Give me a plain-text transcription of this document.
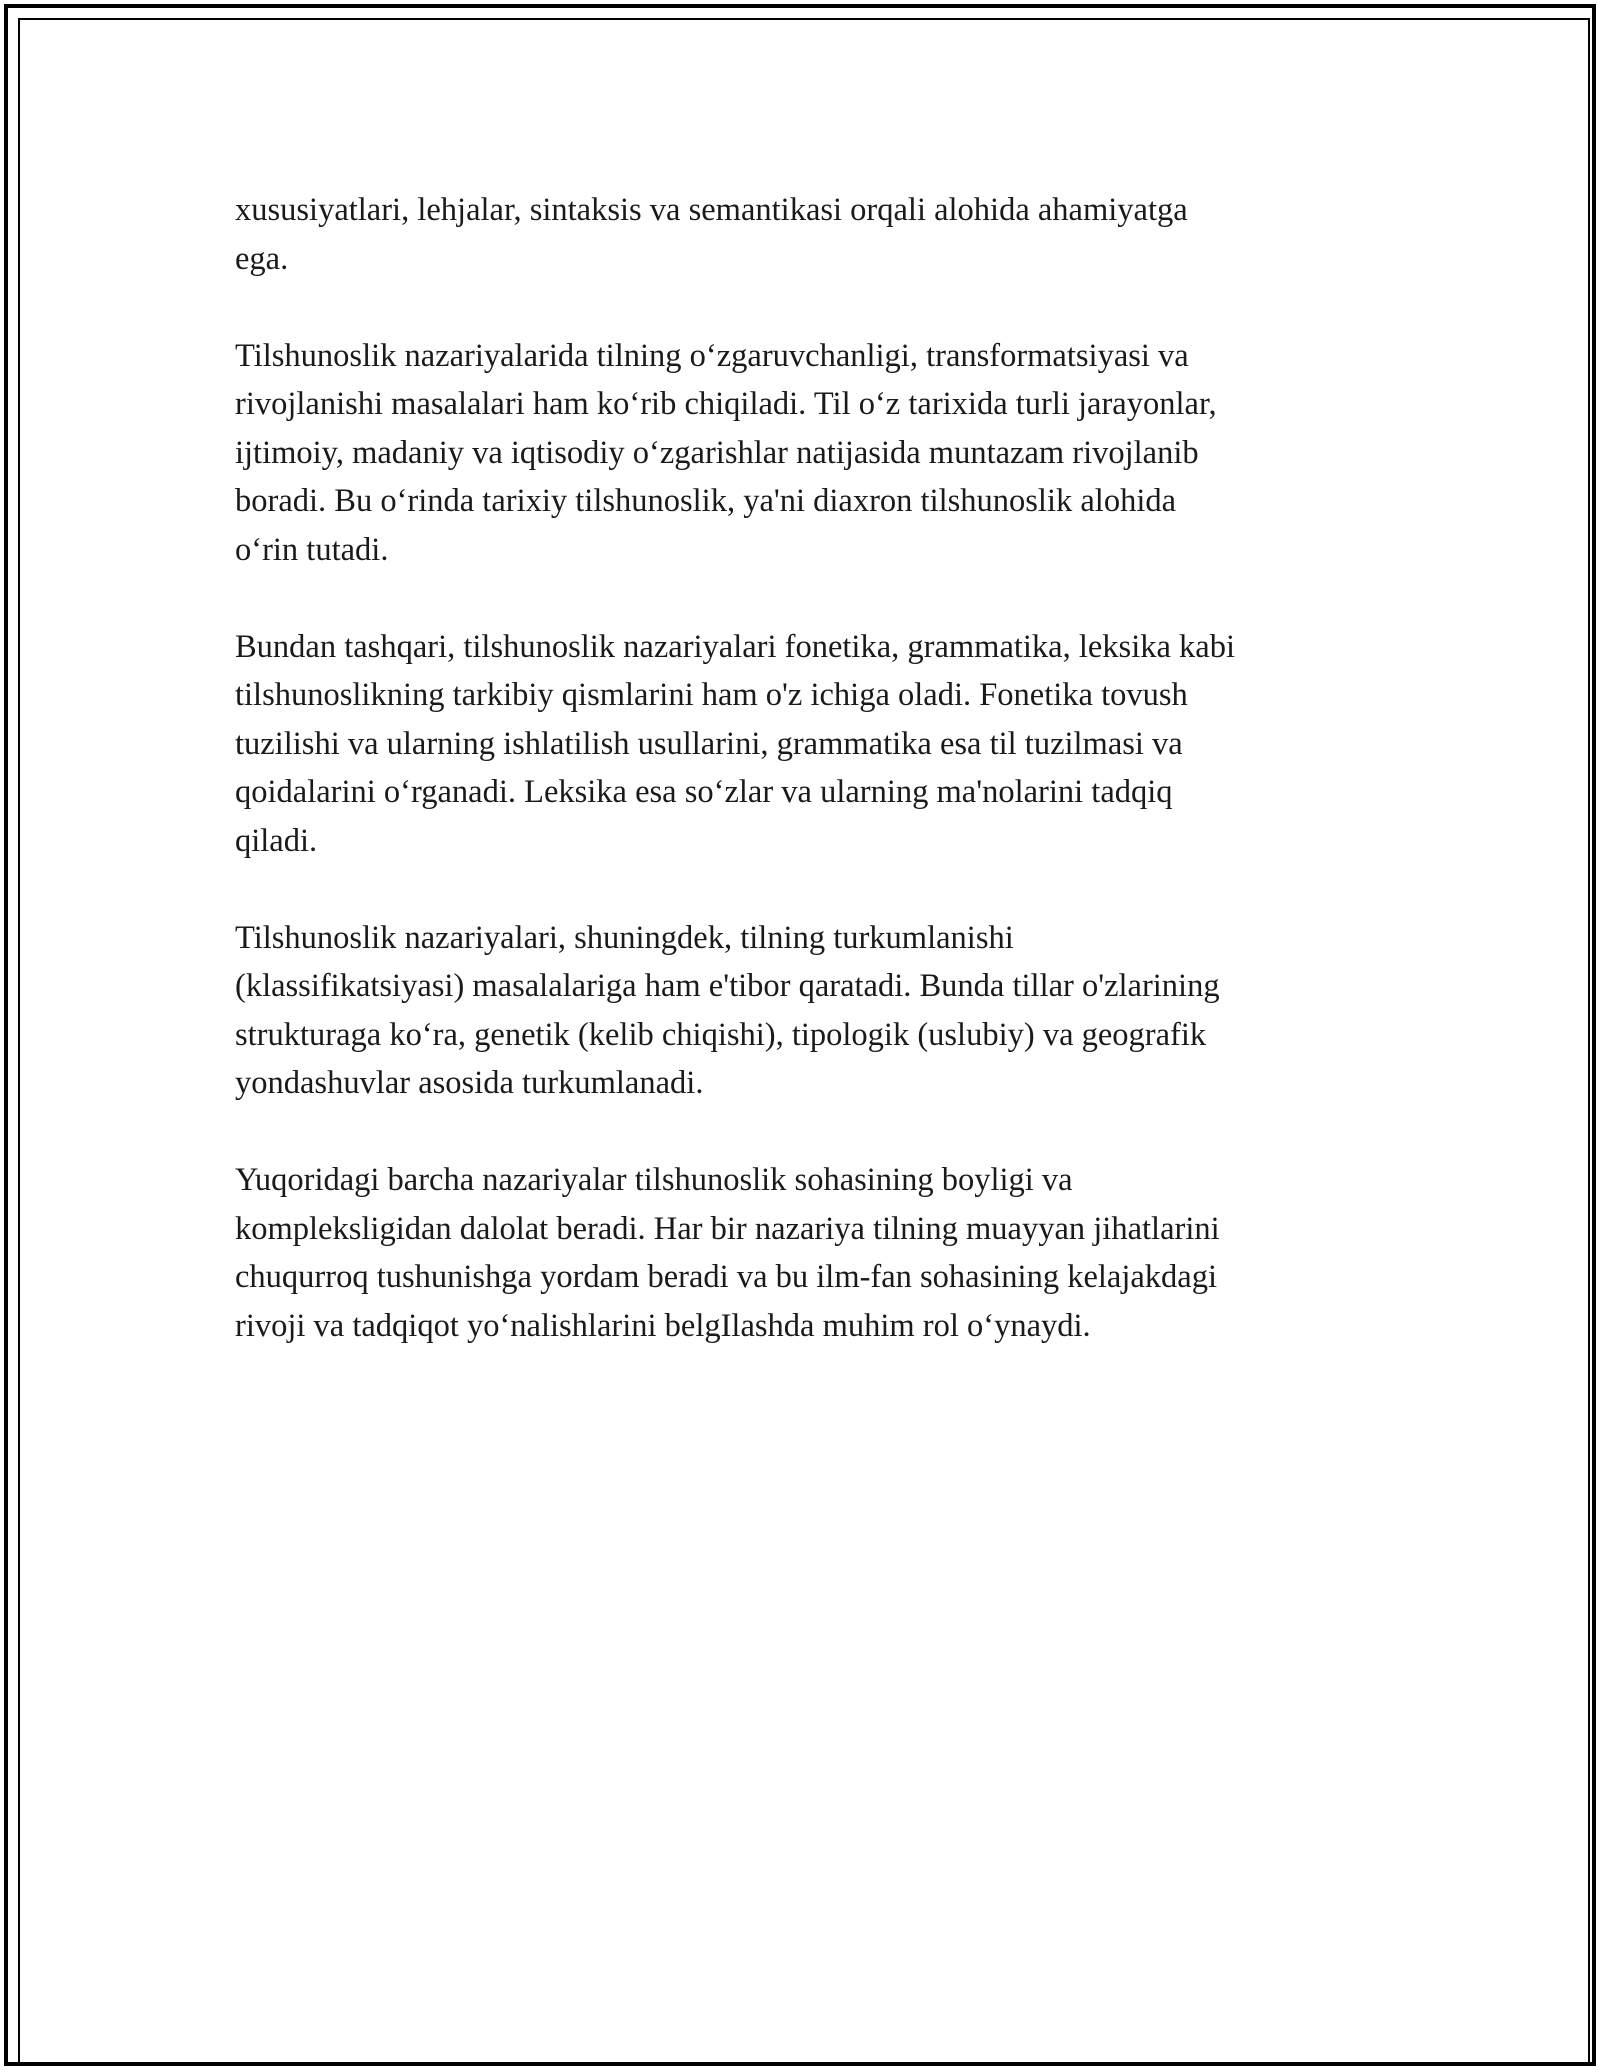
xususiyatlari, lehjalar, sintaksis va semantikasi orqali alohida ahamiyatga
ega.

Tilshunoslik nazariyalarida tilning o‘zgaruvchanligi, transformatsiyasi va
rivojlanishi masalalari ham ko‘rib chiqiladi. Til o‘z tarixida turli jarayonlar,
ijtimoiy, madaniy va iqtisodiy o‘zgarishlar natijasida muntazam rivojlanib
boradi. Bu o‘rinda tarixiy tilshunoslik, ya'ni diaxron tilshunoslik alohida
o‘rin tutadi.

Bundan tashqari, tilshunoslik nazariyalari fonetika, grammatika, leksika kabi
tilshunoslikning tarkibiy qismlarini ham o'z ichiga oladi. Fonetika tovush
tuzilishi va ularning ishlatilish usullarini, grammatika esa til tuzilmasi va
qoidalarini o‘rganadi. Leksika esa so‘zlar va ularning ma'nolarini tadqiq
qiladi.

Tilshunoslik nazariyalari, shuningdek, tilning turkumlanishi
(klassifikatsiyasi) masalalariga ham e'tibor qaratadi. Bunda tillar o'zlarining
strukturaga ko‘ra, genetik (kelib chiqishi), tipologik (uslubiy) va geografik
yondashuvlar asosida turkumlanadi.

Yuqoridagi barcha nazariyalar tilshunoslik sohasining boyligi va
kompleksligidan dalolat beradi. Har bir nazariya tilning muayyan jihatlarini
chuqurroq tushunishga yordam beradi va bu ilm-fan sohasining kelajakdagi
rivoji va tadqiqot yo‘nalishlarini belgIlashda muhim rol o‘ynaydi.
